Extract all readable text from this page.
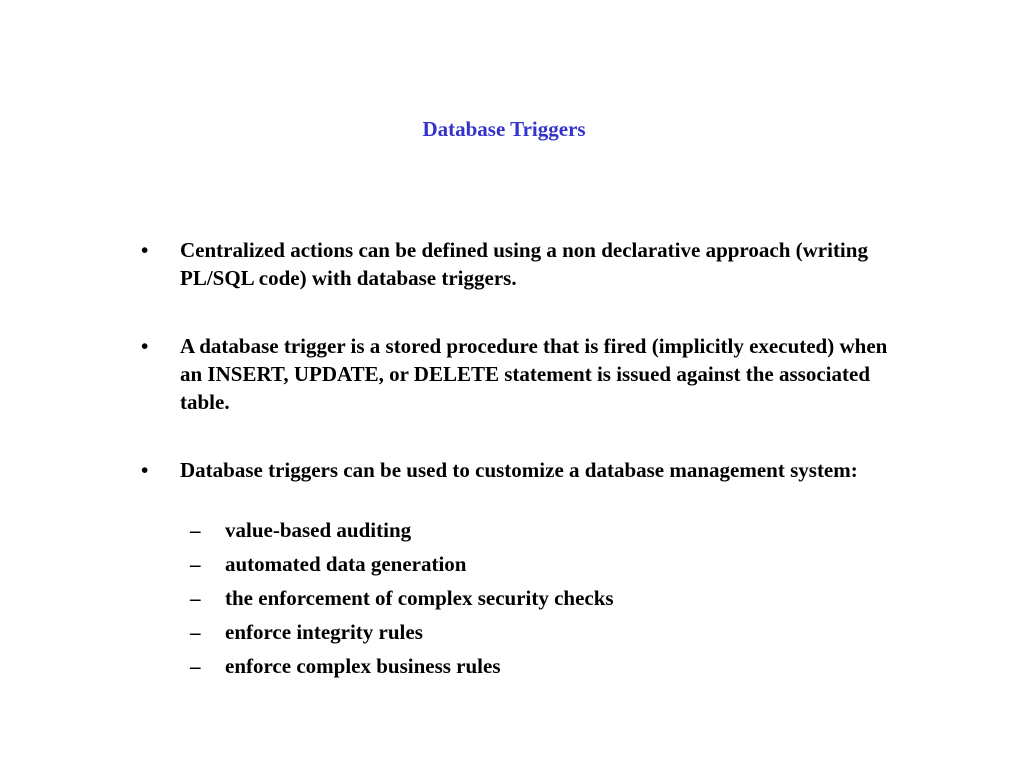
Database Triggers
• Centralized actions can be defined using a non declarative approach (writing PL/SQL code) with database triggers.
• A database trigger is a stored procedure that is fired (implicitly executed) when an INSERT, UPDATE, or DELETE statement is issued against the associated table.
• Database triggers can be used to customize a database management system:
– value-based auditing
– automated data generation
– the enforcement of complex security checks
– enforce integrity rules
– enforce complex business rules
